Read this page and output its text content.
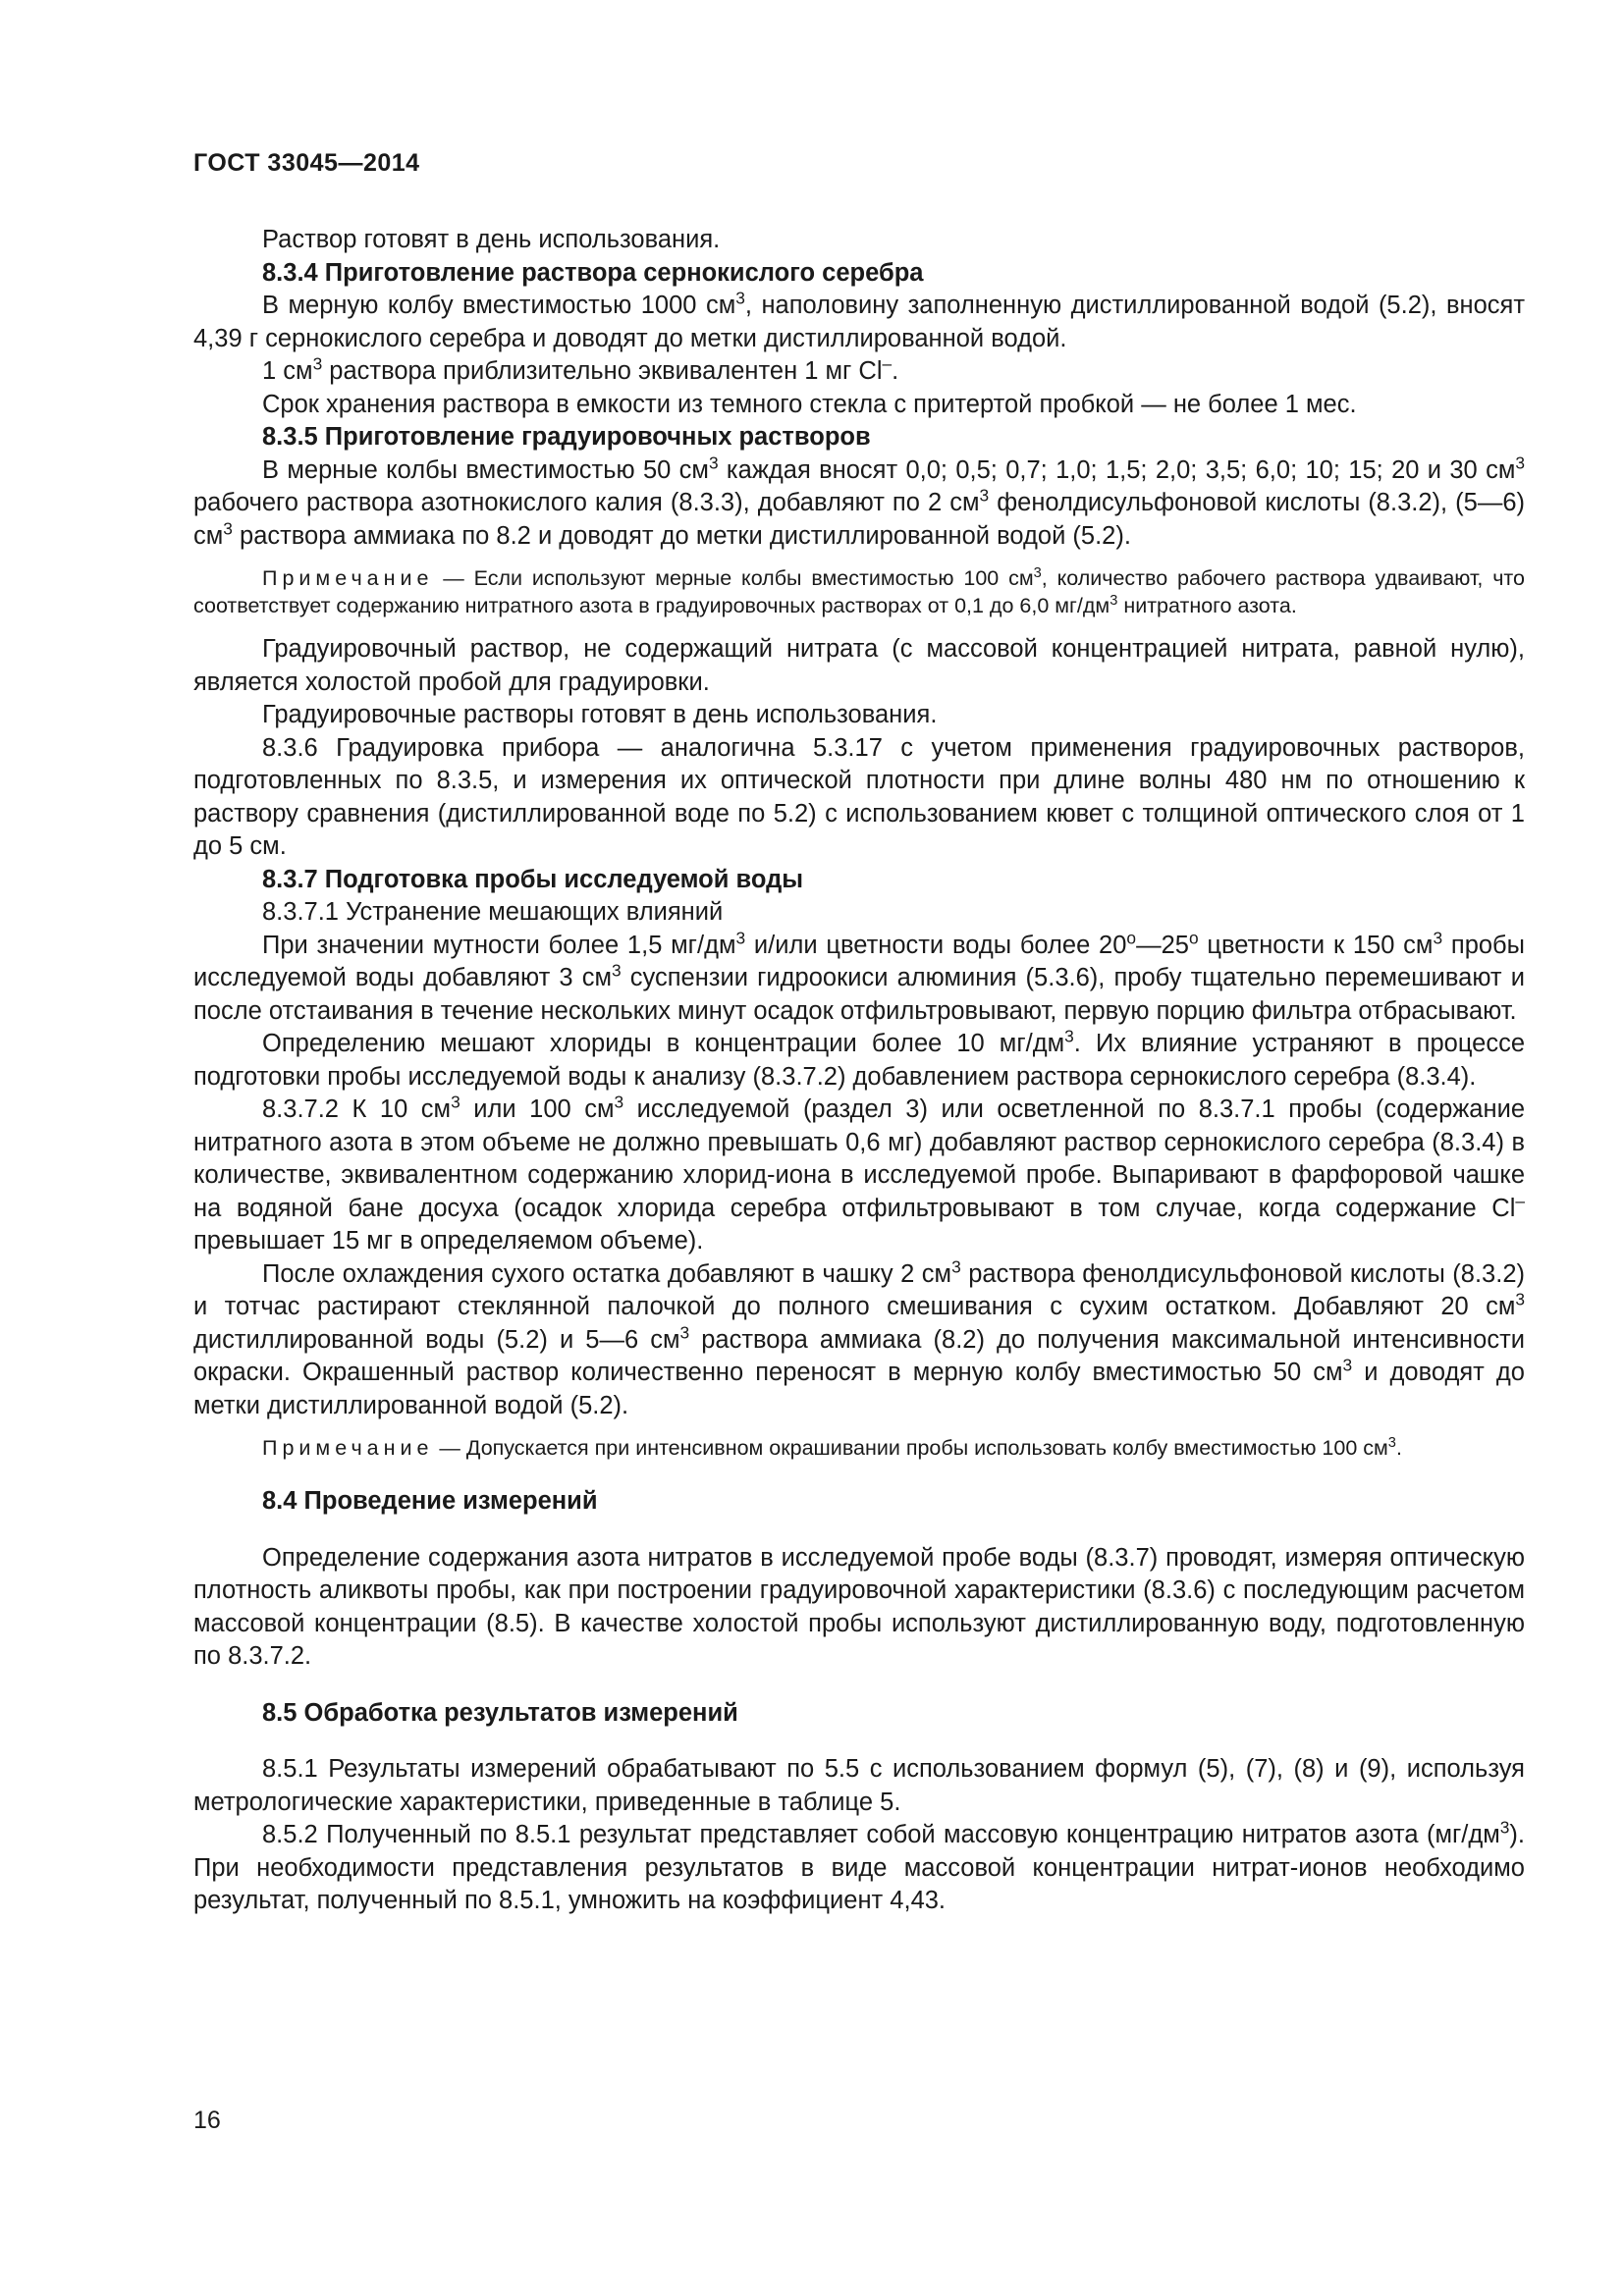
ГОСТ 33045—2014

Раствор готовят в день использования.

8.3.4 Приготовление раствора сернокислого серебра

В мерную колбу вместимостью 1000 $см^3$, наполовину заполненную дистиллированной водой (5.2), вносят 4,39 г сернокислого серебра и доводят до метки дистиллированной водой.

1 $см^3$ раствора приблизительно эквивалентен 1 мг Cl–.

Срок хранения раствора в емкости из темного стекла с притертой пробкой — не более 1 мес.

8.3.5 Приготовление градуировочных растворов

В мерные колбы вместимостью 50 $см^3$ каждая вносят 0,0; 0,5; 0,7; 1,0; 1,5; 2,0; 3,5; 6,0; 10; 15; 20 и 30 $см^3$ рабочего раствора азотнокислого калия (8.3.3), добавляют по 2 $см^3$ фенолдисульфоновой кислоты (8.3.2), (5—6) $см^3$ раствора аммиака по 8.2 и доводят до метки дистиллированной водой (5.2).

Примечание — Если используют мерные колбы вместимостью 100 $см^3$, количество рабочего раствора удваивают, что соответствует содержанию нитратного азота в градуировочных растворах от 0,1 до 6,0 $мг/дм^3$ нитратного азота.

Градуировочный раствор, не содержащий нитрата (с массовой концентрацией нитрата, равной нулю), является холостой пробой для градуировки.

Градуировочные растворы готовят в день использования.

8.3.6 Градуировка прибора — аналогична 5.3.17 с учетом применения градуировочных растворов, подготовленных по 8.3.5, и измерения их оптической плотности при длине волны 480 нм по отношению к раствору сравнения (дистиллированной воде по 5.2) с использованием кювет с толщиной оптического слоя от 1 до 5 см.

8.3.7 Подготовка пробы исследуемой воды

8.3.7.1 Устранение мешающих влияний

При значении мутности более 1,5 $мг/дм^3$ и/или цветности воды более $20^о—25^о$ цветности к 150 $см^3$ пробы исследуемой воды добавляют 3 $см^3$ суспензии гидроокиси алюминия (5.3.6), пробу тщательно перемешивают и после отстаивания в течение нескольких минут осадок отфильтровывают, первую порцию фильтра отбрасывают.

Определению мешают хлориды в концентрации более 10 $мг/дм^3$. Их влияние устраняют в процессе подготовки пробы исследуемой воды к анализу (8.3.7.2) добавлением раствора сернокислого серебра (8.3.4).

8.3.7.2 К 10 $см^3$ или 100 $см^3$ исследуемой (раздел 3) или осветленной по 8.3.7.1 пробы (содержание нитратного азота в этом объеме не должно превышать 0,6 мг) добавляют раствор сернокислого серебра (8.3.4) в количестве, эквивалентном содержанию хлорид-иона в исследуемой пробе. Выпаривают в фарфоровой чашке на водяной бане досуха (осадок хлорида серебра отфильтровывают в том случае, когда содержание Cl– превышает 15 мг в определяемом объеме).

После охлаждения сухого остатка добавляют в чашку 2 $см^3$ раствора фенолдисульфоновой кислоты (8.3.2) и тотчас растирают стеклянной палочкой до полного смешивания с сухим остатком. Добавляют 20 $см^3$ дистиллированной воды (5.2) и 5—6 $см^3$ раствора аммиака (8.2) до получения максимальной интенсивности окраски. Окрашенный раствор количественно переносят в мерную колбу вместимостью 50 $см^3$ и доводят до метки дистиллированной водой (5.2).

Примечание — Допускается при интенсивном окрашивании пробы использовать колбу вместимостью 100 $см^3$.

8.4 Проведение измерений

Определение содержания азота нитратов в исследуемой пробе воды (8.3.7) проводят, измеряя оптическую плотность аликвоты пробы, как при построении градуировочной характеристики (8.3.6) с последующим расчетом массовой концентрации (8.5). В качестве холостой пробы используют дистиллированную воду, подготовленную по 8.3.7.2.

8.5 Обработка результатов измерений

8.5.1 Результаты измерений обрабатывают по 5.5 с использованием формул (5), (7), (8) и (9), используя метрологические характеристики, приведенные в таблице 5.

8.5.2 Полученный по 8.5.1 результат представляет собой массовую концентрацию нитратов азота $(мг/дм^3)$. При необходимости представления результатов в виде массовой концентрации нитрат-ионов необходимо результат, полученный по 8.5.1, умножить на коэффициент 4,43.

16
